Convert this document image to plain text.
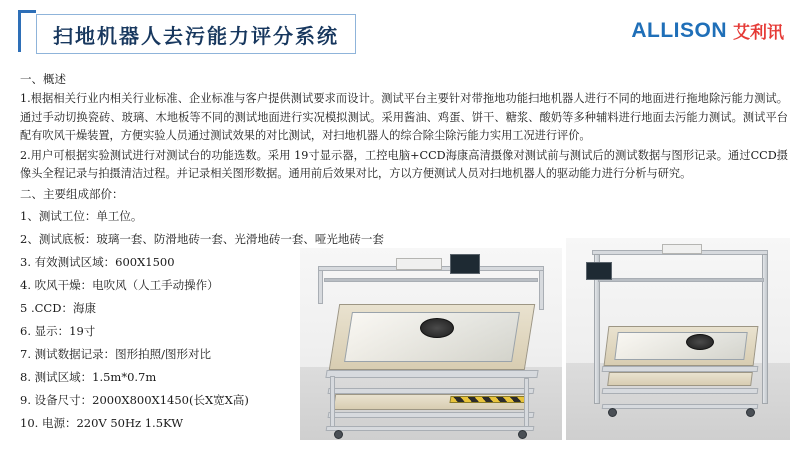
扫地机器人去污能力评分系统	ALLISON 艾利讯
一、概述

1.根据相关行业内相关行业标准、企业标准与客户提供测试要求而设计。测试平台主要针对带拖地功能扫地机器人进行不同的地面进行拖地除污能力测试。通过手动切换瓷砖、玻璃、木地板等不同的测试地面进行实况模拟测试。采用酱油、鸡蛋、饼干、糖浆、酸奶等多种辅料进行地面去污能力测试。测试平台配有吹风干燥装置，方便实验人员通过测试效果的对比测试，对扫地机器人的综合除尘除污能力实用工况进行评价。

2.用户可根据实验测试进行对测试台的功能选数。采用 19寸显示器，工控电脑+CCD海康高清摄像对测试前与测试后的测试数据与图形记录。通过CCD摄像头全程记录与拍摄清洁过程。并记录相关图形数据。通用前后效果对比，方以方便测试人员对扫地机器人的驱动能力进行分析与研究。

二、主要组成部价：
1、测试工位：单工位。
2、测试底板：玻璃一套、防滑地砖一套、光滑地砖一套、哑光地砖一套
3. 有效测试区域：600X1500
4. 吹风干燥：电吹风（人工手动操作）
5 .CCD：海康
6. 显示：19寸
7. 测试数据记录：图形拍照/图形对比
8. 测试区域：1.5m*0.7m
9. 设备尺寸：2000X800X1450(长X宽X高)
10. 电源：220V 50Hz 1.5KW
